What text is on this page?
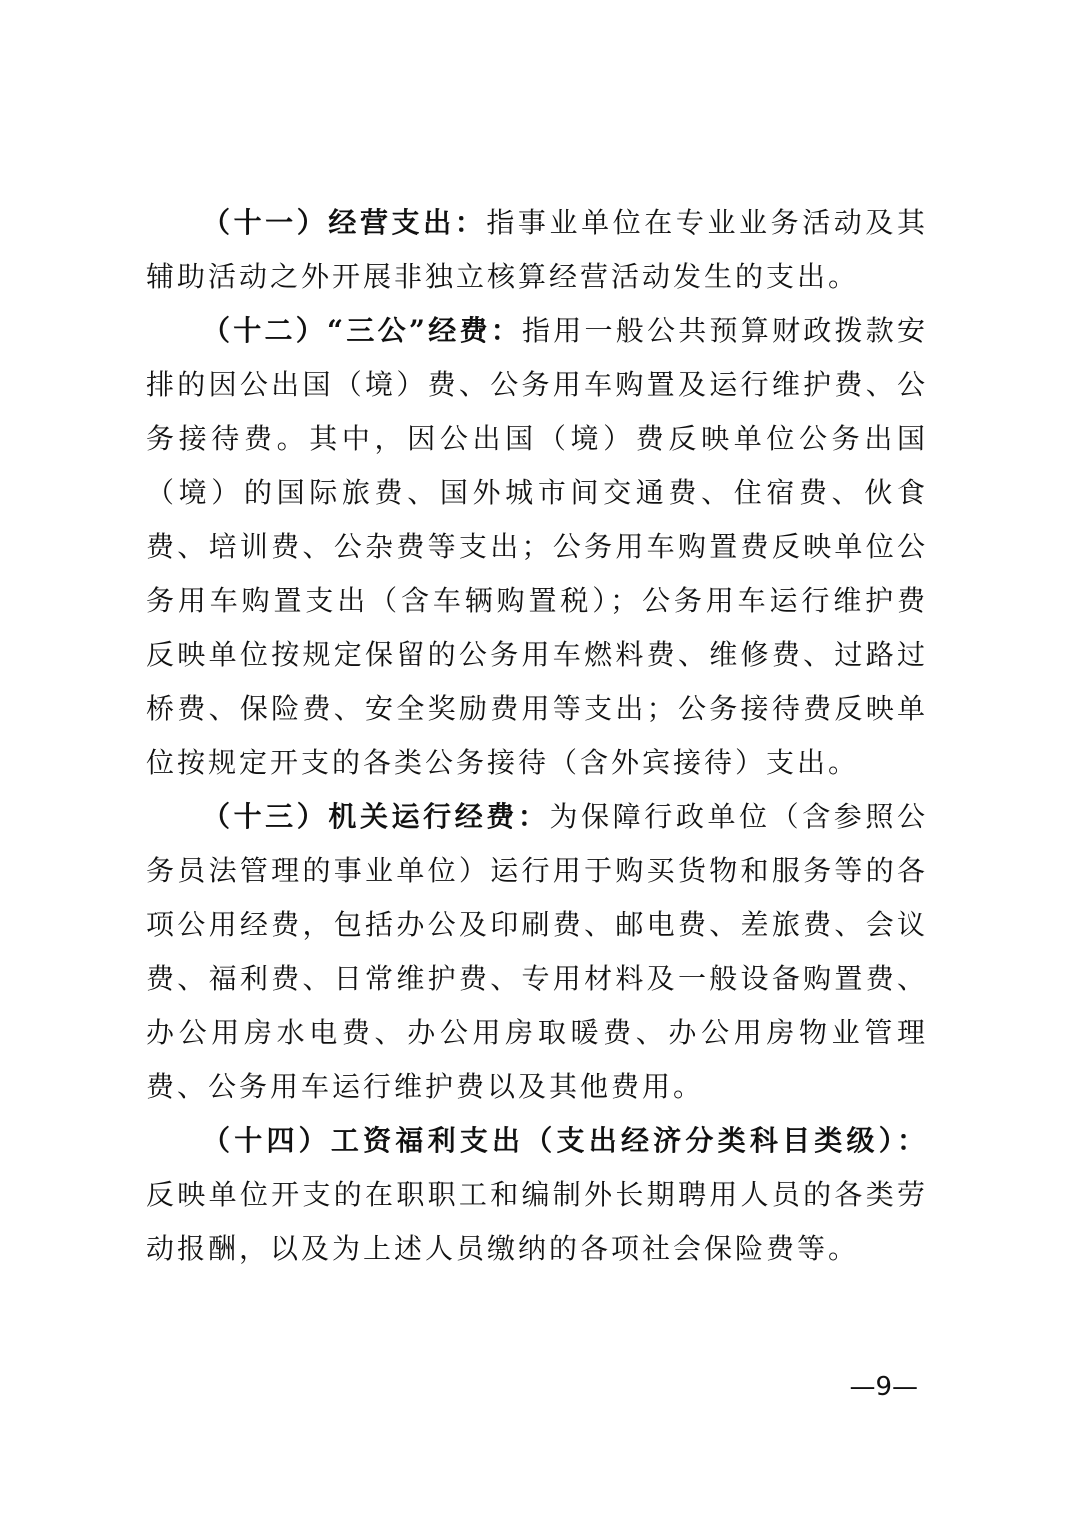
（十一）经营支出：指事业单位在专业业务活动及其辅助活动之外开展非独立核算经营活动发生的支出。

（十二）“三公”经费：指用一般公共预算财政拨款安排的因公出国（境）费、公务用车购置及运行维护费、公务接待费。其中，因公出国（境）费反映单位公务出国（境）的国际旅费、国外城市间交通费、住宿费、伙食费、培训费、公杂费等支出；公务用车购置费反映单位公务用车购置支出（含车辆购置税）；公务用车运行维护费反映单位按规定保留的公务用车燃料费、维修费、过路过桥费、保险费、安全奖励费用等支出；公务接待费反映单位按规定开支的各类公务接待（含外宾接待）支出。

（十三）机关运行经费：为保障行政单位（含参照公务员法管理的事业单位）运行用于购买货物和服务等的各项公用经费，包括办公及印刷费、邮电费、差旅费、会议费、福利费、日常维护费、专用材料及一般设备购置费、办公用房水电费、办公用房取暖费、办公用房物业管理费、公务用车运行维护费以及其他费用。

（十四）工资福利支出（支出经济分类科目类级）：反映单位开支的在职职工和编制外长期聘用人员的各类劳动报酬，以及为上述人员缴纳的各项社会保险费等。

—9—
